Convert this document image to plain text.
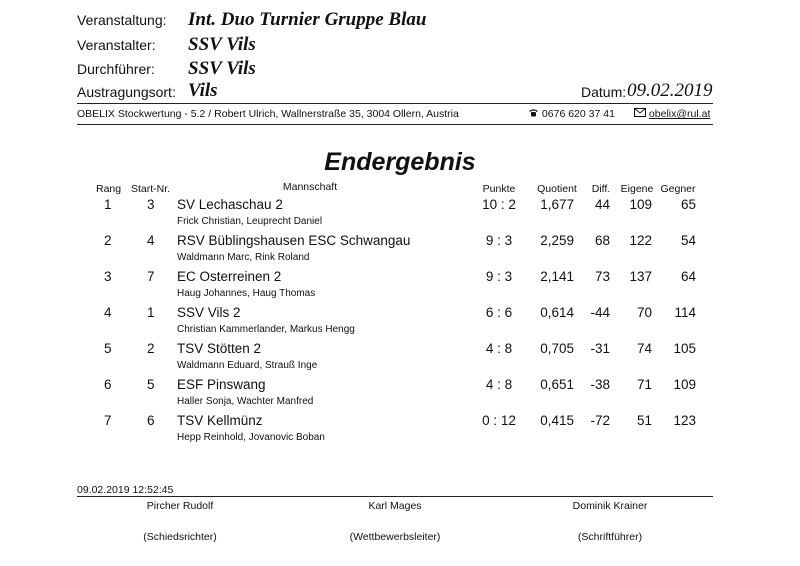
Veranstaltung: Int. Duo Turnier Gruppe Blau
Veranstalter: SSV Vils
Durchführer: SSV Vils
Austragungsort: Vils	Datum: 09.02.2019
OBELIX Stockwertung - 5.2 / Robert Ulrich, Wallnerstraße 35, 3004 Ollern, Austria	0676 620 37 41	obelix@rul.at
Endergebnis
Rang Start-Nr.	Mannschaft	Punkte	Quotient	Diff. Eigene Gegner
1	3 SV Lechaschau 2	10 : 2	1,677	44	109	65
Frick Christian, Leuprecht Daniel
2	4 RSV Büblingshausen ESC Schwangau	9 : 3	2,259	68	122	54
Waldmann Marc, Rink Roland
3	7 EC Osterreinen 2	9 : 3	2,141	73	137	64
Haug Johannes, Haug Thomas
4	1 SSV Vils 2	6 : 6	0,614	-44	70	114
Christian Kammerlander, Markus Hengg
5	2 TSV Stötten 2	4 : 8	0,705	-31	74	105
Waldmann Eduard, Strauß Inge
6	5 ESF Pinswang	4 : 8	0,651	-38	71	109
Haller Sonja, Wachter Manfred
7	6 TSV Kellmünz	0 : 12	0,415	-72	51	123
Hepp Reinhold, Jovanovic Boban
09.02.2019 12:52:45
Pircher Rudolf	Karl Mages	Dominik Krainer
(Schiedsrichter)	(Wettbewerbsleiter)	(Schriftführer)
